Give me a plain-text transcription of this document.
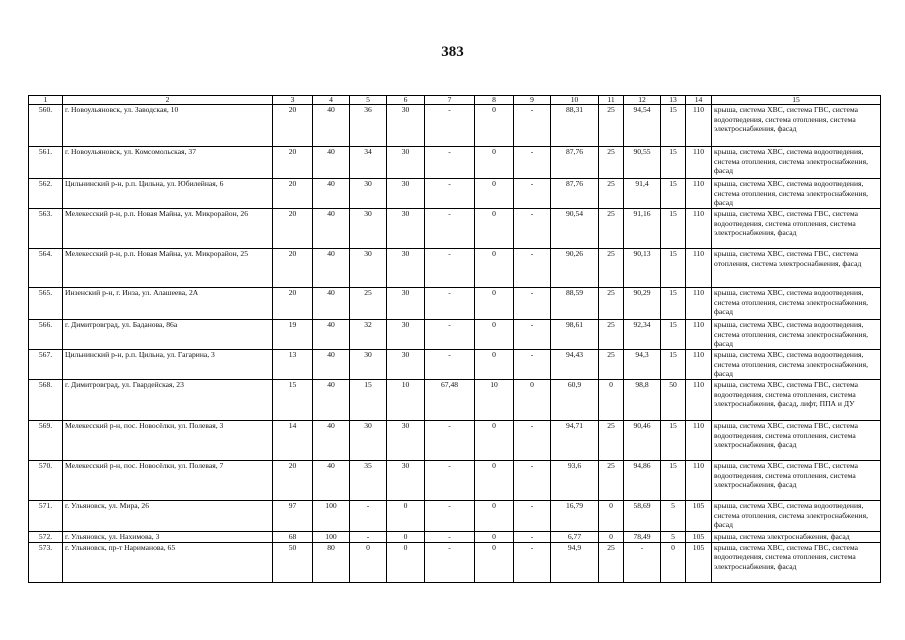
383
1	2	3	4	5	6	7	8	9	10	11	12	13	14	15
560.	г. Новоульяновск, ул. Заводская, 10	20	40	36	30	-	0	-	88,31	25	94,54	15	110	крыша, система ХВС, система ГВС, система водоотведения, система отопления, система электроснабжения, фасад
561.	г. Новоульяновск, ул. Комсомольская, 37	20	40	34	30	-	0	-	87,76	25	90,55	15	110	крыша, система ХВС, система водоотведения, система отопления, система электроснабжения, фасад
562.	Цильнинский р-н, р.п. Цильна, ул. Юбилейная, 6	20	40	30	30	-	0	-	87,76	25	91,4	15	110	крыша, система ХВС, система водоотведения, система отопления, система электроснабжения, фасад
563.	Мелекесский р-н, р.п. Новая Майна, ул. Микрорайон, 26	20	40	30	30	-	0	-	90,54	25	91,16	15	110	крыша, система ХВС, система ГВС, система водоотведения, система отопления, система электроснабжения, фасад
564.	Мелекесский р-н, р.п. Новая Майна, ул. Микрорайон, 25	20	40	30	30	-	0	-	90,26	25	90,13	15	110	крыша, система ХВС, система ГВС, система отопления, система электроснабжения, фасад
565.	Инзенский р-н, г. Инза, ул. Алашеева, 2А	20	40	25	30	-	0	-	88,59	25	90,29	15	110	крыша, система ХВС, система водоотведения, система отопления, система электроснабжения, фасад
566.	г. Димитровград, ул. Баданова, 86а	19	40	32	30	-	0	-	98,61	25	92,34	15	110	крыша, система ХВС, система водоотведения, система отопления, система электроснабжения, фасад
567.	Цильнинский р-н, р.п. Цильна, ул. Гагарина, 3	13	40	30	30	-	0	-	94,43	25	94,3	15	110	крыша, система ХВС, система водоотведения, система отопления, система электроснабжения, фасад
568.	г. Димитровград, ул. Гвардейская, 23	15	40	15	10	67,48	10	0	60,9	0	98,8	50	110	крыша, система ХВС, система ГВС, система водоотведения, система отопления, система электроснабжения, фасад, лифт, ППА и ДУ
569.	Мелекесский р-н, пос. Новосёлки, ул. Полевая, 3	14	40	30	30	-	0	-	94,71	25	90,46	15	110	крыша, система ХВС, система ГВС, система водоотведения, система отопления, система электроснабжения, фасад
570.	Мелекесский р-н, пос. Новосёлки, ул. Полевая, 7	20	40	35	30	-	0	-	93,6	25	94,86	15	110	крыша, система ХВС, система ГВС, система водоотведения, система отопления, система электроснабжения, фасад
571.	г. Ульяновск, ул. Мира, 26	97	100	-	0	-	0	-	16,79	0	58,69	5	105	крыша, система ХВС, система водоотведения, система отопления, система электроснабжения, фасад
572.	г. Ульяновск, ул. Нахимова, 3	68	100	-	0	-	0	-	6,77	0	78,49	5	105	крыша, система электроснабжения, фасад
573.	г. Ульяновск, пр-т Нариманова, 65	50	80	0	0	-	0	-	94,9	25	-	0	105	крыша, система ХВС, система ГВС, система водоотведения, система отопления, система электроснабжения, фасад
